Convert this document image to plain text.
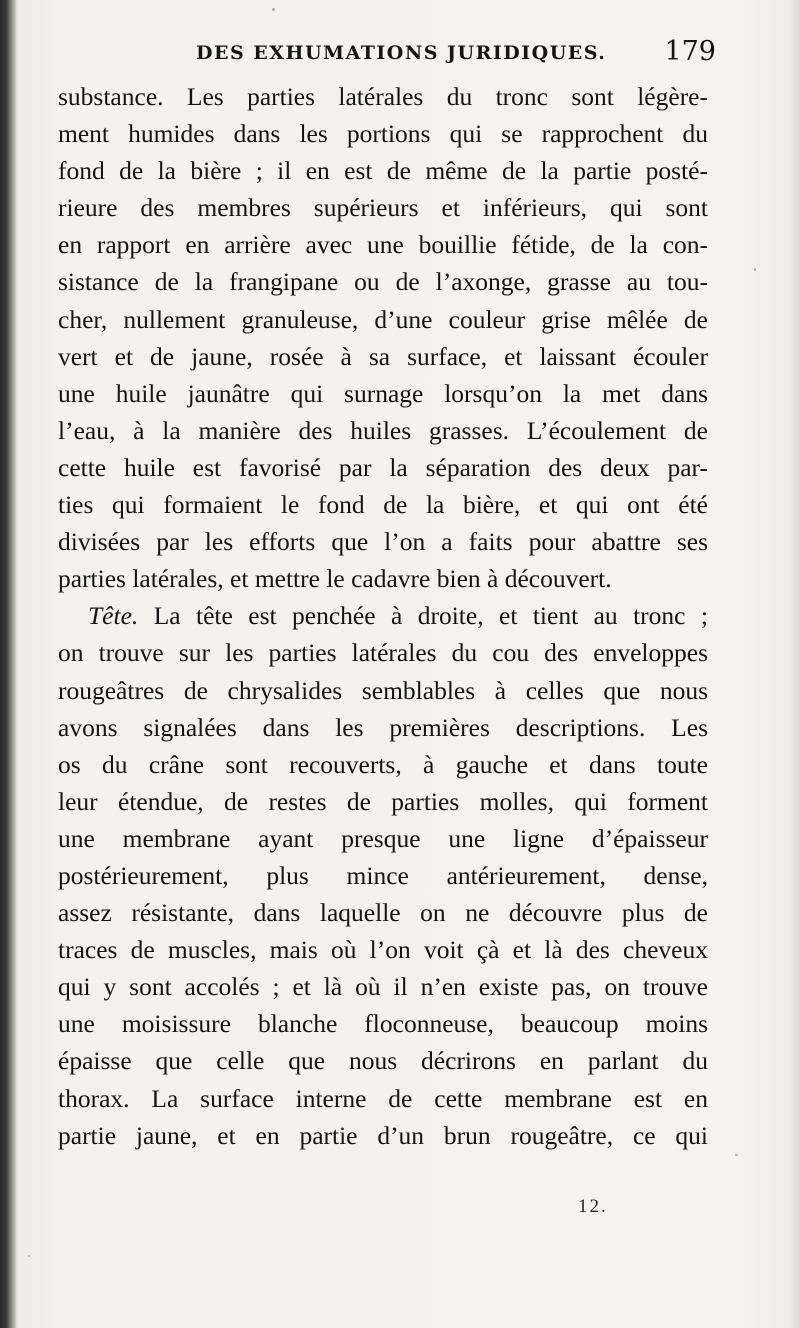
DES EXHUMATIONS JURIDIQUES. 179
substance. Les parties latérales du tronc sont légère-
ment humides dans les portions qui se rapprochent du
fond de la bière ; il en est de même de la partie posté-
rieure des membres supérieurs et inférieurs, qui sont
en rapport en arrière avec une bouillie fétide, de la con-
sistance de la frangipane ou de l’axonge, grasse au tou-
cher, nullement granuleuse, d’une couleur grise mêlée de
vert et de jaune, rosée à sa surface, et laissant écouler
une huile jaunâtre qui surnage lorsqu’on la met dans
l’eau, à la manière des huiles grasses. L’écoulement de
cette huile est favorisé par la séparation des deux par-
ties qui formaient le fond de la bière, et qui ont été
divisées par les efforts que l’on a faits pour abattre ses
parties latérales, et mettre le cadavre bien à découvert.
Tête. La tête est penchée à droite, et tient au tronc ;
on trouve sur les parties latérales du cou des enveloppes
rougeâtres de chrysalides semblables à celles que nous
avons signalées dans les premières descriptions. Les
os du crâne sont recouverts, à gauche et dans toute
leur étendue, de restes de parties molles, qui forment
une membrane ayant presque une ligne d’épaisseur
postérieurement, plus mince antérieurement, dense,
assez résistante, dans laquelle on ne découvre plus de
traces de muscles, mais où l’on voit çà et là des cheveux
qui y sont accolés ; et là où il n’en existe pas, on trouve
une moisissure blanche floconneuse, beaucoup moins
épaisse que celle que nous décrirons en parlant du
thorax. La surface interne de cette membrane est en
partie jaune, et en partie d’un brun rougeâtre, ce qui
12.
